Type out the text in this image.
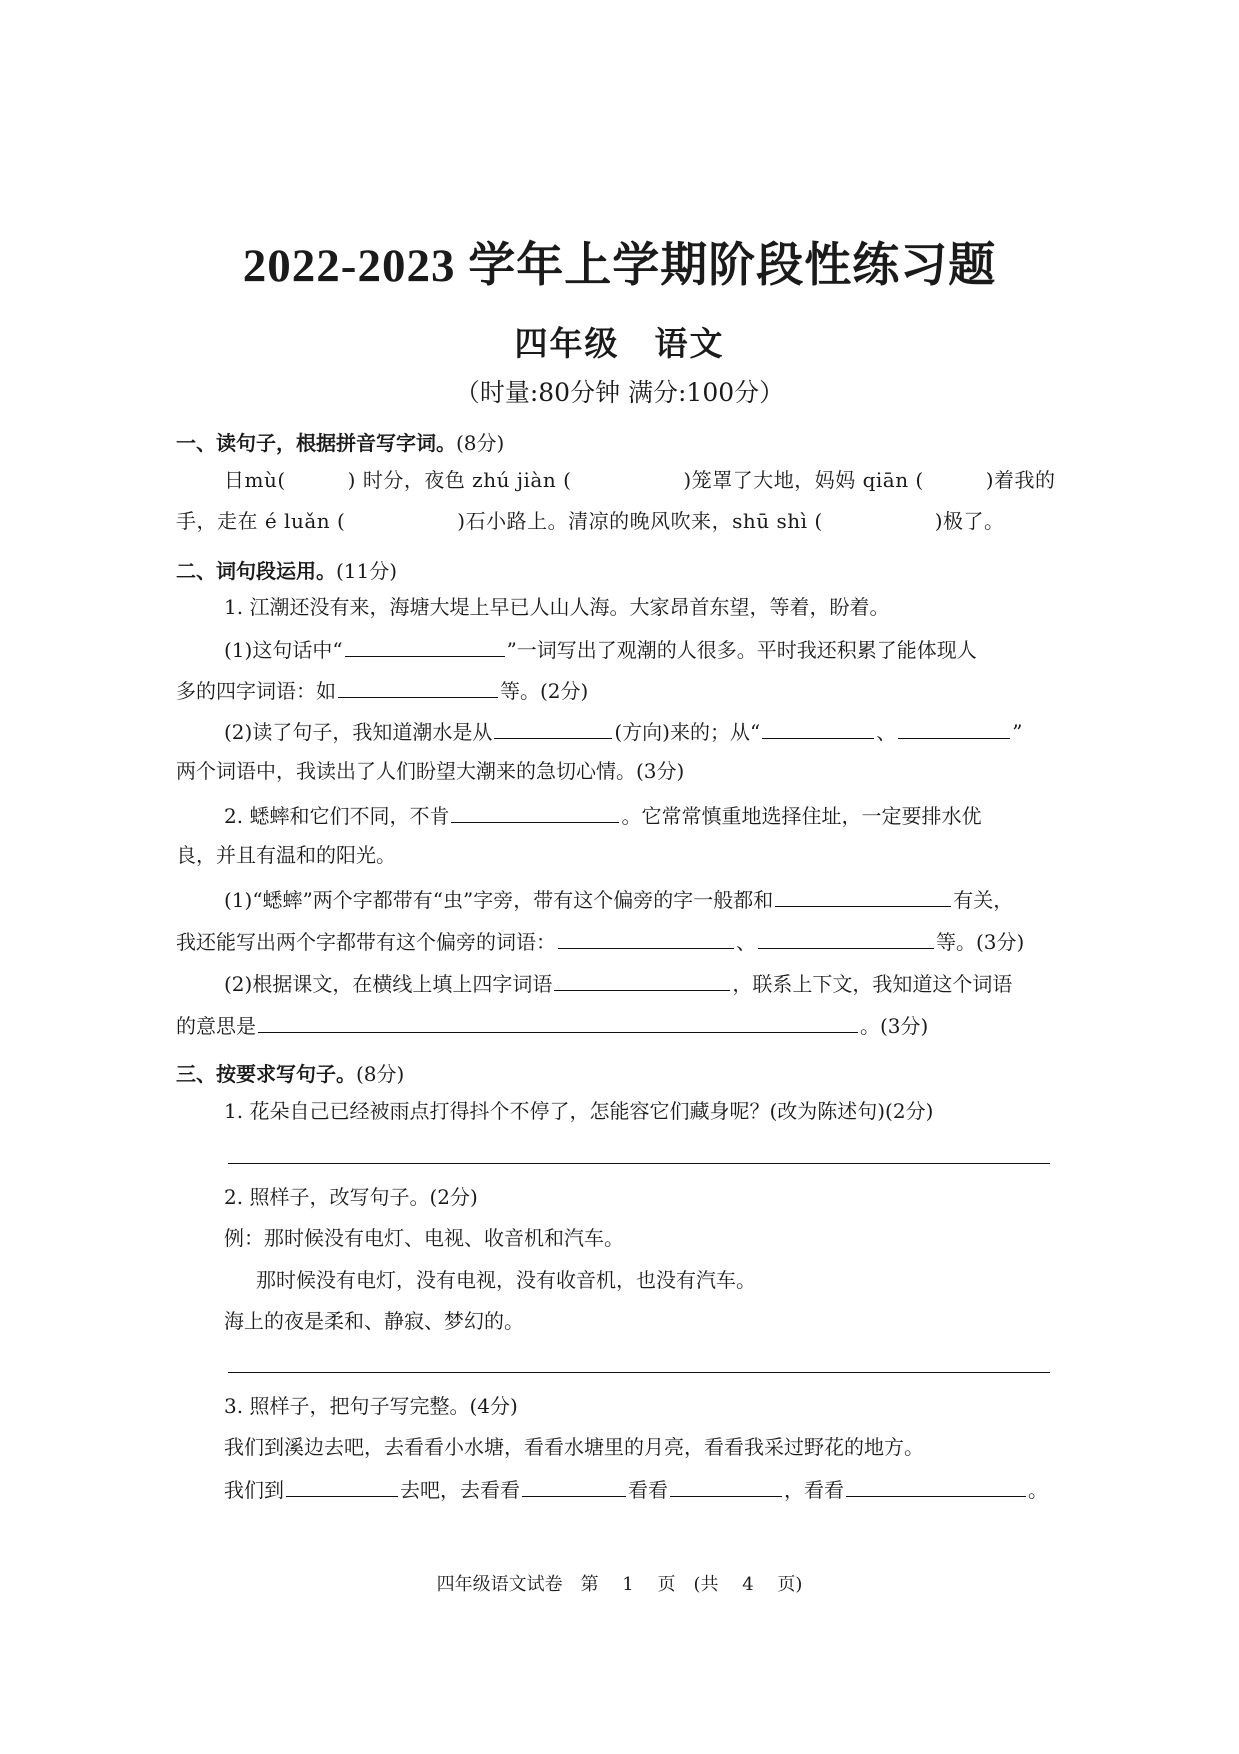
2022-2023 学年上学期阶段性练习题
四年级　语文
（时量:80分钟 满分:100分）
一、读句子，根据拼音写字词。(8分)
日mù(	) 时分，夜色 zhú jiàn (	)笼罩了大地，妈妈 qiān (	)着我的
手，走在 é luǎn (	)石小路上。清凉的晚风吹来，shū shì (	)极了。
二、词句段运用。(11分)
1. 江潮还没有来，海塘大堤上早已人山人海。大家昂首东望，等着，盼着。
(1)这句话中“	”一词写出了观潮的人很多。平时我还积累了能体现人
多的四字词语：如	等。(2分)
(2)读了句子，我知道潮水是从	(方向)来的；从“	、	”
两个词语中，我读出了人们盼望大潮来的急切心情。(3分)
2. 蟋蟀和它们不同，不肯	。它常常慎重地选择住址，一定要排水优
良，并且有温和的阳光。
(1)“蟋蟀”两个字都带有“虫”字旁，带有这个偏旁的字一般都和	有关，
我还能写出两个字都带有这个偏旁的词语：	、	等。(3分)
(2)根据课文，在横线上填上四字词语	，联系上下文，我知道这个词语
的意思是	。(3分)
三、按要求写句子。(8分)
1. 花朵自己已经被雨点打得抖个不停了，怎能容它们藏身呢？(改为陈述句)(2分)
2. 照样子，改写句子。(2分)
例：那时候没有电灯、电视、收音机和汽车。
那时候没有电灯，没有电视，没有收音机，也没有汽车。
海上的夜是柔和、静寂、梦幻的。
3. 照样子，把句子写完整。(4分)
我们到溪边去吧，去看看小水塘，看看水塘里的月亮，看看我采过野花的地方。
我们到	去吧，去看看	看看	，看看	。
四年级语文试卷　第 1 页　(共 4 页)
